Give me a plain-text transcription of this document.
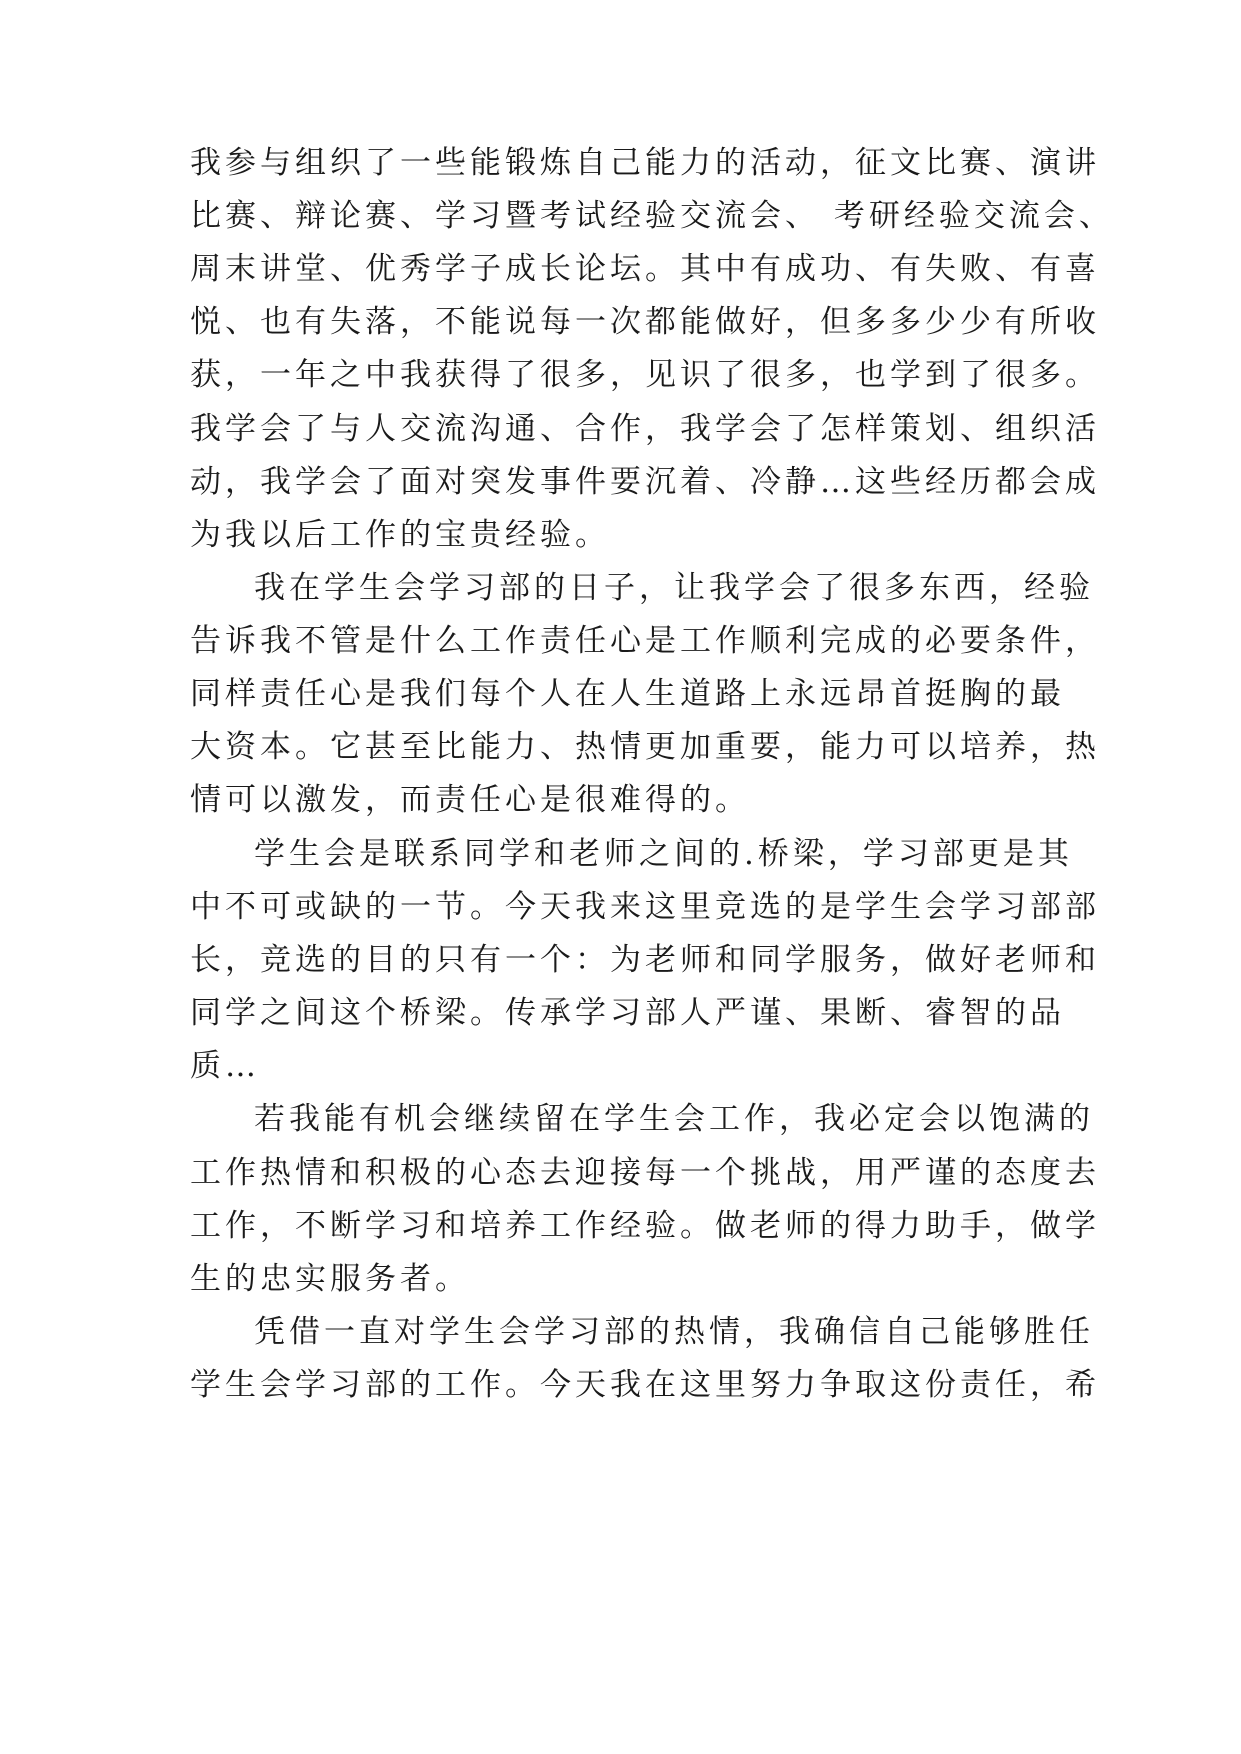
我参与组织了一些能锻炼自己能力的活动，征文比赛、演讲
比赛、辩论赛、学习暨考试经验交流会、 考研经验交流会、
周末讲堂、优秀学子成长论坛。其中有成功、有失败、有喜
悦、也有失落，不能说每一次都能做好，但多多少少有所收
获，一年之中我获得了很多，见识了很多，也学到了很多。
我学会了与人交流沟通、合作，我学会了怎样策划、组织活
动，我学会了面对突发事件要沉着、冷静…这些经历都会成
为我以后工作的宝贵经验。
我在学生会学习部的日子，让我学会了很多东西，经验
告诉我不管是什么工作责任心是工作顺利完成的必要条件，
同样责任心是我们每个人在人生道路上永远昂首挺胸的最
大资本。它甚至比能力、热情更加重要，能力可以培养，热
情可以激发，而责任心是很难得的。
学生会是联系同学和老师之间的.桥梁，学习部更是其
中不可或缺的一节。今天我来这里竞选的是学生会学习部部
长，竞选的目的只有一个：为老师和同学服务，做好老师和
同学之间这个桥梁。传承学习部人严谨、果断、睿智的品
质…
若我能有机会继续留在学生会工作，我必定会以饱满的
工作热情和积极的心态去迎接每一个挑战，用严谨的态度去
工作，不断学习和培养工作经验。做老师的得力助手，做学
生的忠实服务者。
凭借一直对学生会学习部的热情，我确信自己能够胜任
学生会学习部的工作。今天我在这里努力争取这份责任，希
